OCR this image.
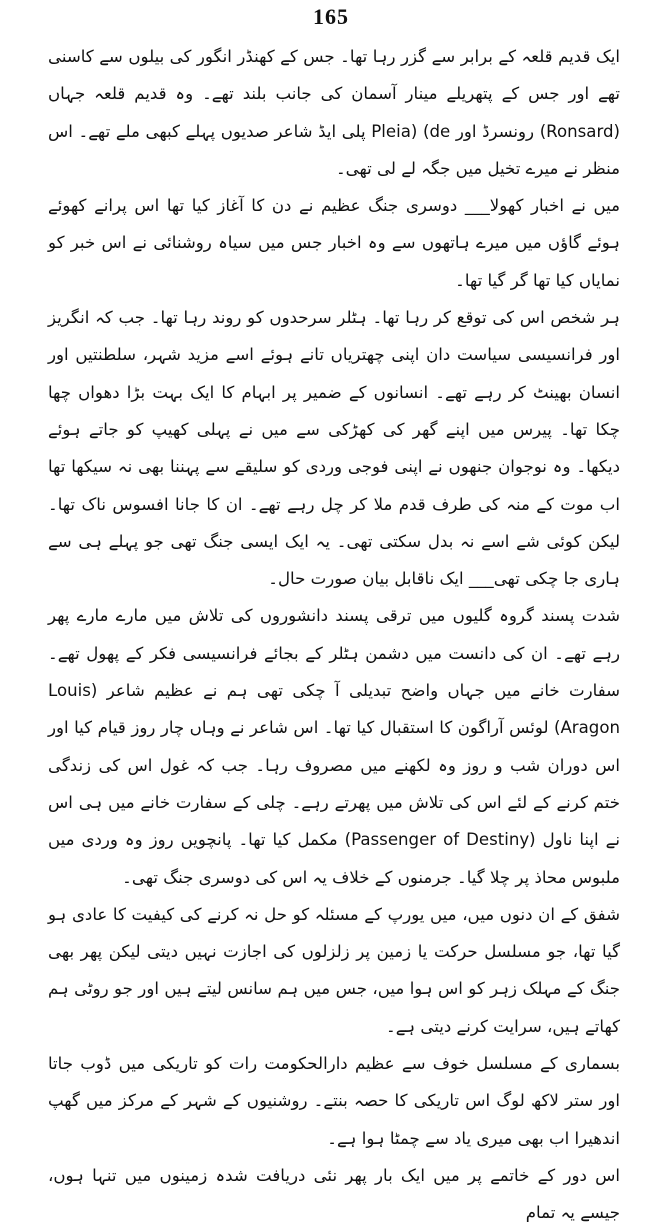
165

ایک قدیم قلعہ کے برابر سے گزر رہا تھا۔ جس کے کھنڈر انگور کی بیلوں سے کاسنی تھے اور جس کے پتھریلے مینار آسمان کی جانب بلند تھے۔ وہ قدیم قلعہ جہاں (Ronsard) رونسرڈ اور Pleia) (de پلی ایڈ شاعر صدیوں پہلے کبھی ملے تھے۔ اس منظر نے میرے تخیل میں جگہ لے لی تھی۔

میں نے اخبار کھولا___ دوسری جنگ عظیم نے دن کا آغاز کیا تھا اس پرانے کھوئے ہوئے گاؤں میں میرے ہاتھوں سے وہ اخبار جس میں سیاہ روشنائی نے اس خبر کو نمایاں کیا تھا گر گیا تھا۔

ہر شخص اس کی توقع کر رہا تھا۔ ہٹلر سرحدوں کو روند رہا تھا۔ جب کہ انگریز اور فرانسیسی سیاست دان اپنی چھتریاں تانے ہوئے اسے مزید شہر، سلطنتیں اور انسان بھینٹ کر رہے تھے۔ انسانوں کے ضمیر پر ابہام کا ایک بہت بڑا دھواں چھا چکا تھا۔ پیرس میں اپنے گھر کی کھڑکی سے میں نے پہلی کھیپ کو جاتے ہوئے دیکھا۔ وہ نوجوان جنھوں نے اپنی فوجی وردی کو سلیقے سے پہننا بھی نہ سیکھا تھا اب موت کے منہ کی طرف قدم ملا کر چل رہے تھے۔ ان کا جانا افسوس ناک تھا۔ لیکن کوئی شے اسے نہ بدل سکتی تھی۔ یہ ایک ایسی جنگ تھی جو پہلے ہی سے ہاری جا چکی تھی___ ایک ناقابل بیان صورت حال۔

شدت پسند گروہ گلیوں میں ترقی پسند دانشوروں کی تلاش میں مارے مارے پھر رہے تھے۔ ان کی دانست میں دشمن ہٹلر کے بجائے فرانسیسی فکر کے پھول تھے۔ سفارت خانے میں جہاں واضح تبدیلی آ چکی تھی ہم نے عظیم شاعر (Louis Aragon) لوئس آراگون کا استقبال کیا تھا۔ اس شاعر نے وہاں چار روز قیام کیا اور اس دوران شب و روز وہ لکھنے میں مصروف رہا۔ جب کہ غول اس کی زندگی ختم کرنے کے لئے اس کی تلاش میں پھرتے رہے۔ چلی کے سفارت خانے میں ہی اس نے اپنا ناول (Passenger of Destiny) مکمل کیا تھا۔ پانچویں روز وہ وردی میں ملبوس محاذ پر چلا گیا۔ جرمنوں کے خلاف یہ اس کی دوسری جنگ تھی۔

شفق کے ان دنوں میں، میں یورپ کے مسئلہ کو حل نہ کرنے کی کیفیت کا عادی ہو گیا تھا، جو مسلسل حرکت یا زمین پر زلزلوں کی اجازت نہیں دیتی لیکن پھر بھی جنگ کے مہلک زہر کو اس ہوا میں، جس میں ہم سانس لیتے ہیں اور جو روٹی ہم کھاتے ہیں، سرایت کرنے دیتی ہے۔

بسماری کے مسلسل خوف سے عظیم دارالحکومت رات کو تاریکی میں ڈوب جاتا اور ستر لاکھ لوگ اس تاریکی کا حصہ بنتے۔ روشنیوں کے شہر کے مرکز میں گھپ اندھیرا اب بھی میری یاد سے چمٹا ہوا ہے۔

اس دور کے خاتمے پر میں ایک بار پھر نئی دریافت شدہ زمینوں میں تنہا ہوں، جیسے یہ تمام
